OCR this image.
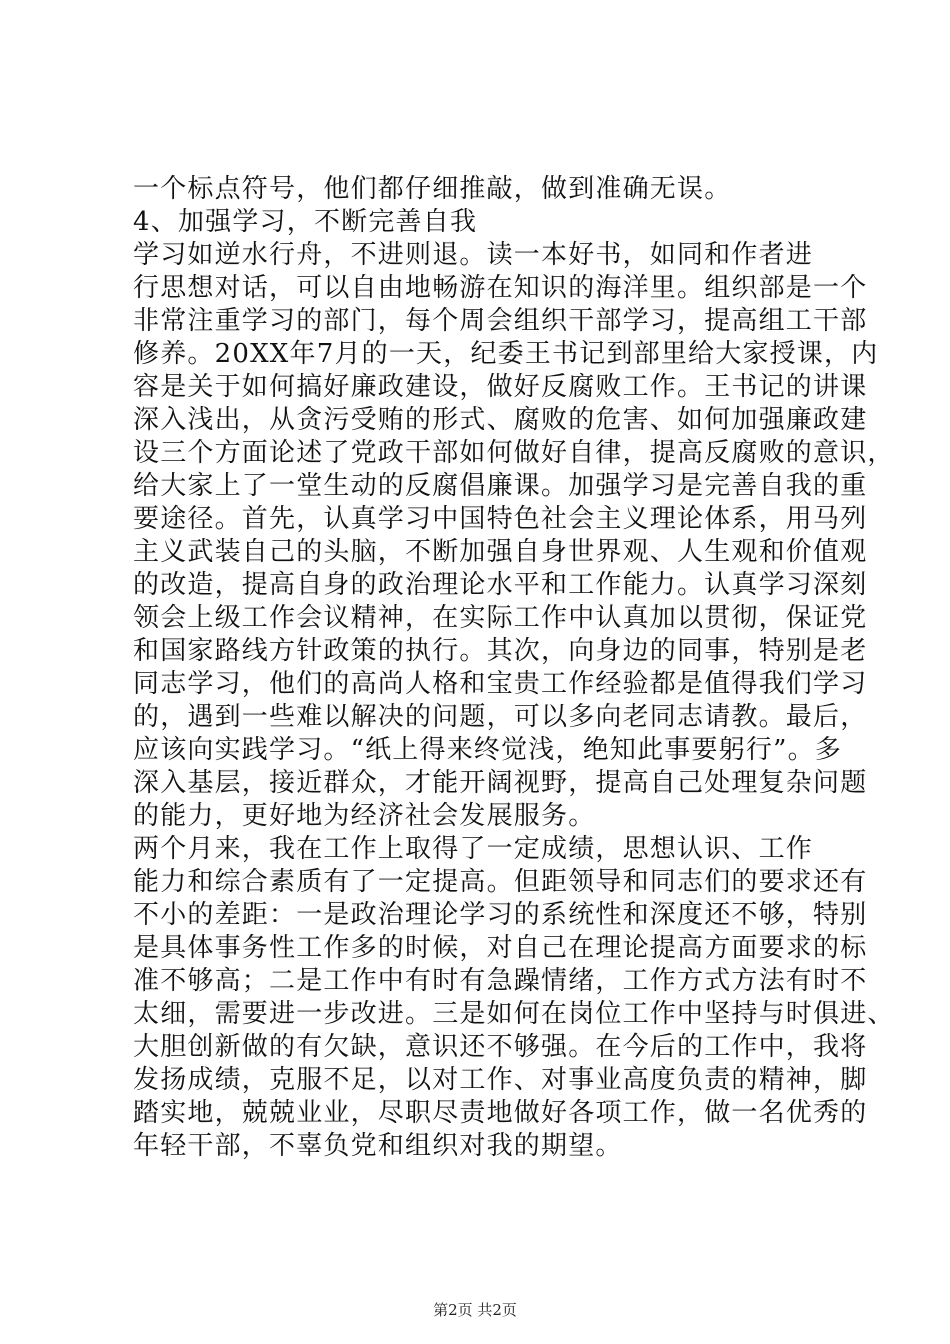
一个标点符号，他们都仔细推敲，做到准确无误。
4、加强学习，不断完善自我
学习如逆水行舟，不进则退。读一本好书，如同和作者进
行思想对话，可以自由地畅游在知识的海洋里。组织部是一个
非常注重学习的部门，每个周会组织干部学习，提高组工干部
修养。20XX年7月的一天，纪委王书记到部里给大家授课，内
容是关于如何搞好廉政建设，做好反腐败工作。王书记的讲课
深入浅出，从贪污受贿的形式、腐败的危害、如何加强廉政建
设三个方面论述了党政干部如何做好自律，提高反腐败的意识，
给大家上了一堂生动的反腐倡廉课。加强学习是完善自我的重
要途径。首先，认真学习中国特色社会主义理论体系，用马列
主义武装自己的头脑，不断加强自身世界观、人生观和价值观
的改造，提高自身的政治理论水平和工作能力。认真学习深刻
领会上级工作会议精神，在实际工作中认真加以贯彻，保证党
和国家路线方针政策的执行。其次，向身边的同事，特别是老
同志学习，他们的高尚人格和宝贵工作经验都是值得我们学习
的，遇到一些难以解决的问题，可以多向老同志请教。最后，
应该向实践学习。“纸上得来终觉浅，绝知此事要躬行”。多
深入基层，接近群众，才能开阔视野，提高自己处理复杂问题
的能力，更好地为经济社会发展服务。
两个月来，我在工作上取得了一定成绩，思想认识、工作
能力和综合素质有了一定提高。但距领导和同志们的要求还有
不小的差距：一是政治理论学习的系统性和深度还不够，特别
是具体事务性工作多的时候，对自己在理论提高方面要求的标
准不够高；二是工作中有时有急躁情绪，工作方式方法有时不
太细，需要进一步改进。三是如何在岗位工作中坚持与时俱进、
大胆创新做的有欠缺，意识还不够强。在今后的工作中，我将
发扬成绩，克服不足，以对工作、对事业高度负责的精神，脚
踏实地，兢兢业业，尽职尽责地做好各项工作，做一名优秀的
年轻干部，不辜负党和组织对我的期望。
第2页 共2页
